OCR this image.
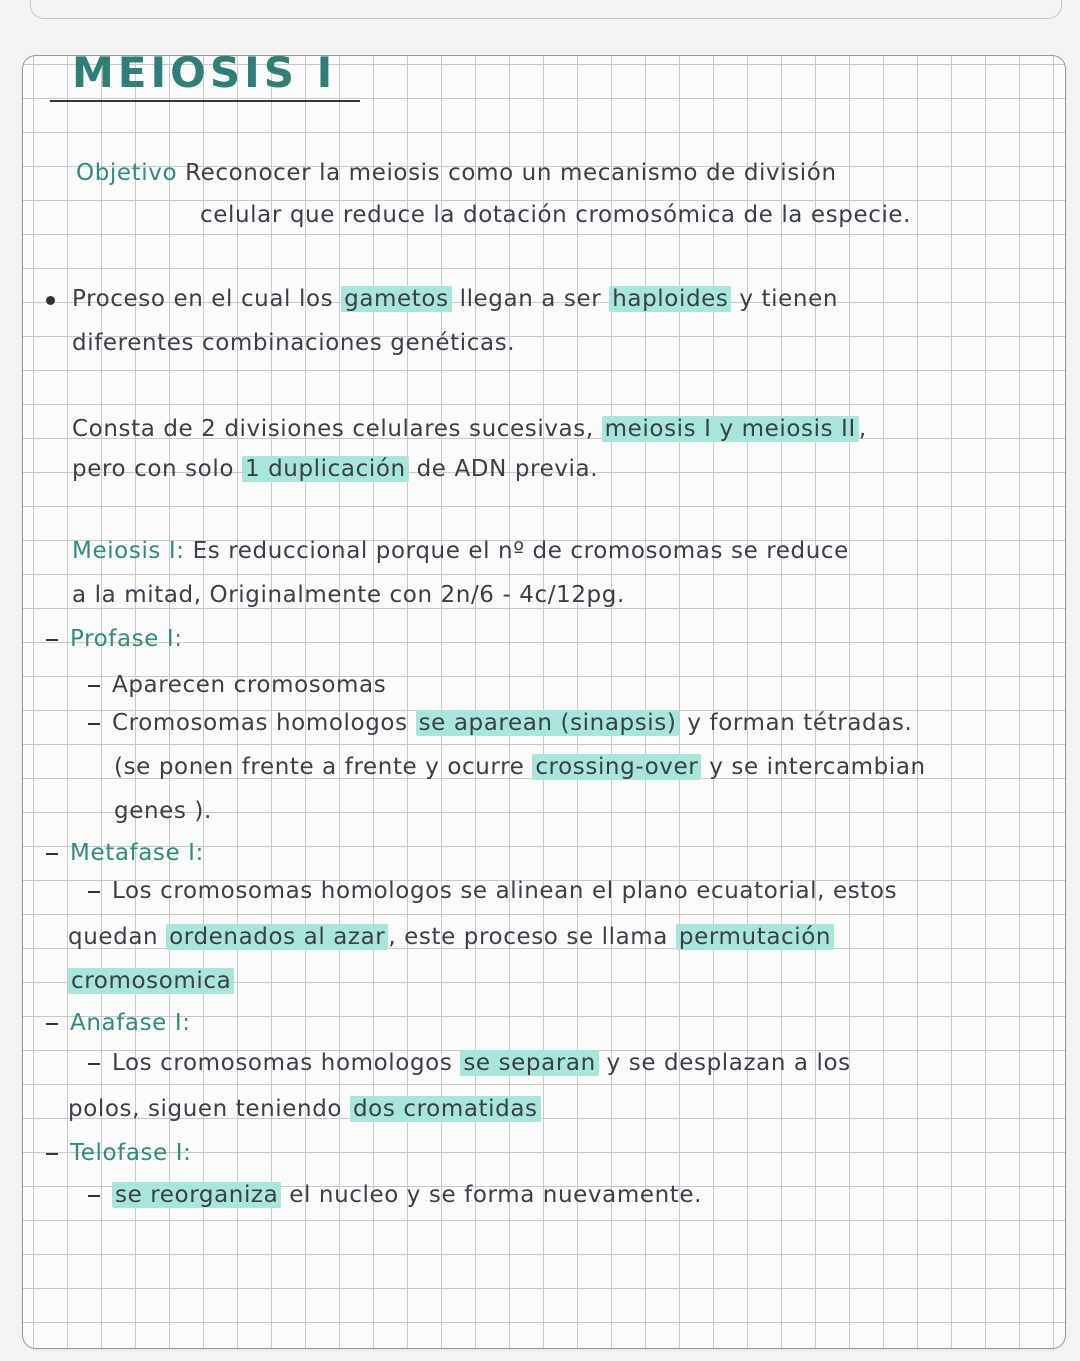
MEIOSIS I
Objetivo Reconocer la meiosis como un mecanismo de división
celular que reduce la dotación cromosómica de la especie.
Proceso en el cual los gametos llegan a ser haploides y tienen
diferentes combinaciones genéticas.
Consta de 2 divisiones celulares sucesivas, meiosis I y meiosis II ,
pero con solo 1 duplicación de ADN previa.
Meiosis I: Es reduccional porque el nº de cromosomas se reduce
a la mitad, Originalmente con 2n/6 - 4c/12pg.
Profase I:
Aparecen cromosomas
Cromosomas homologos se aparean (sinapsis) y forman tétradas.
(se ponen frente a frente y ocurre crossing-over y se intercambian
genes ).
Metafase I:
Los cromosomas homologos se alinean el plano ecuatorial, estos
quedan ordenados al azar , este proceso se llama permutación
cromosomica
Anafase I:
Los cromosomas homologos se separan y se desplazan a los
polos, siguen teniendo dos cromatidas
Telofase I:
se reorganiza el nucleo y se forma nuevamente.
